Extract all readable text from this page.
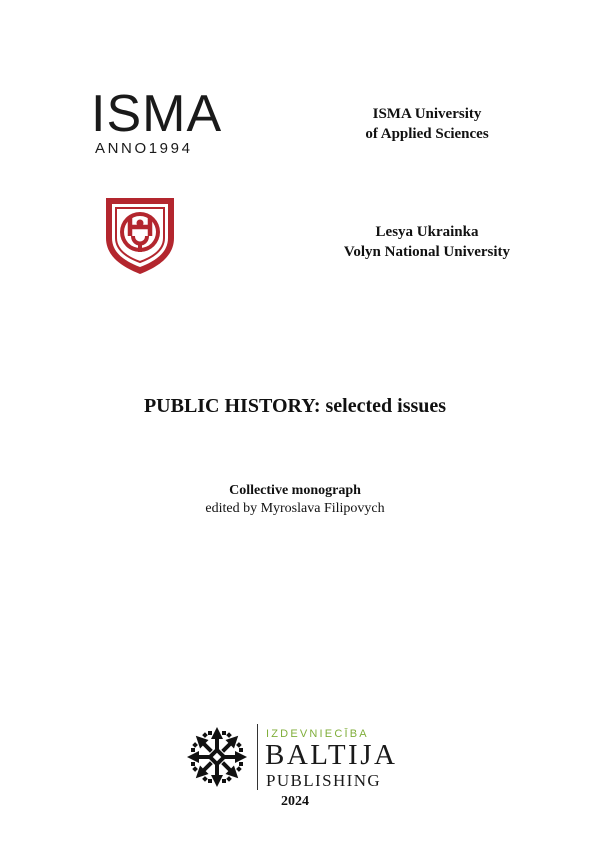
ISMA
ANNO1994
ISMA University
of Applied Sciences
Lesya Ukrainka
Volyn National University
PUBLIC HISTORY: selected issues
Collective monograph
edited by Myroslava Filipovych
IZDEVNIECĪBA
BALTIJA
PUBLISHING
2024
